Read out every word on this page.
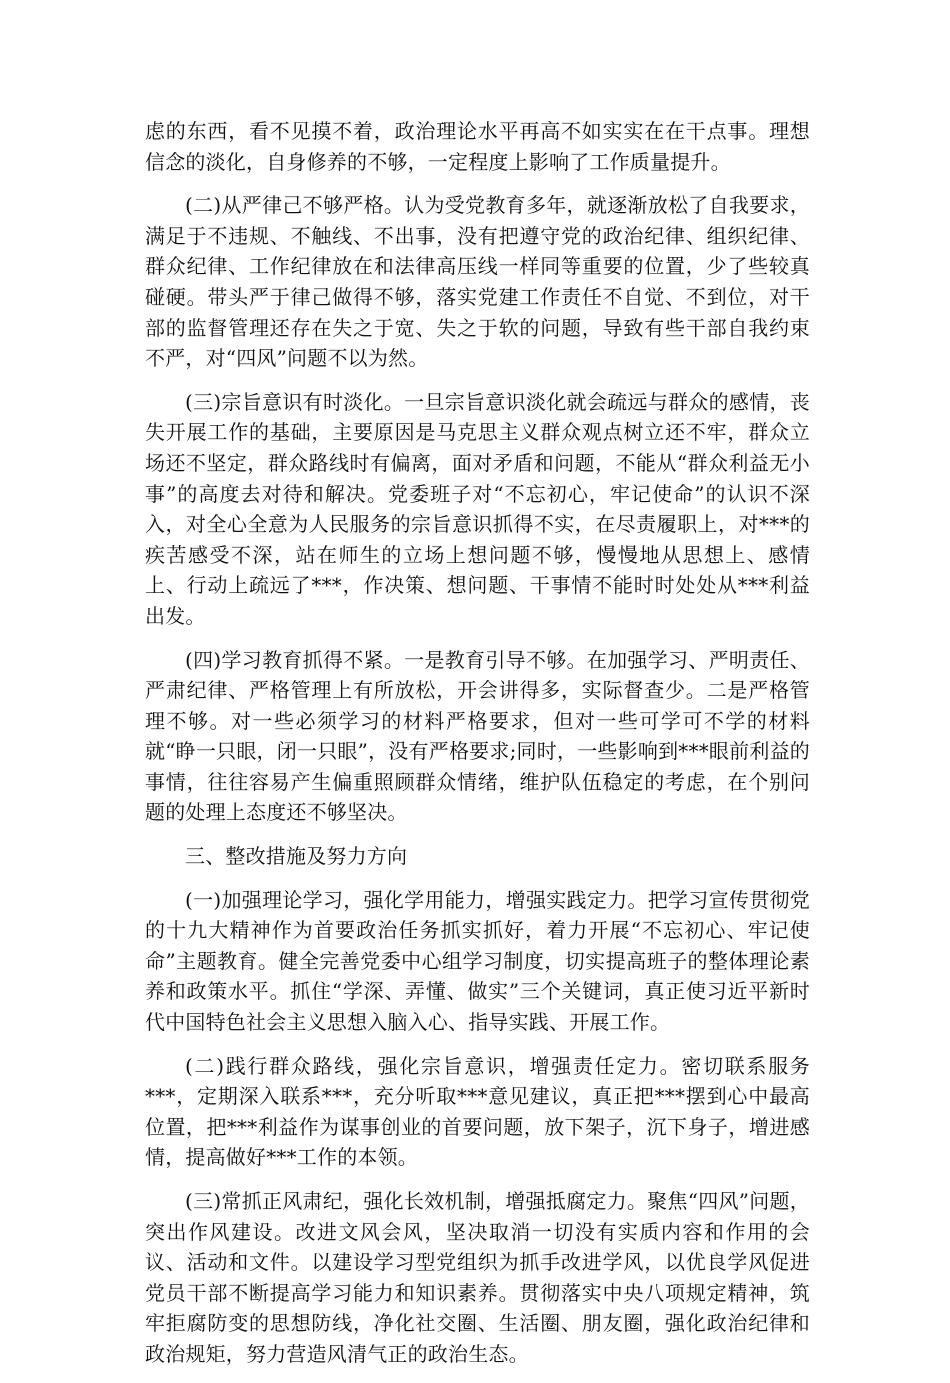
虑的东西，看不见摸不着，政治理论水平再高不如实实在在干点事。理想信念的淡化，自身修养的不够，一定程度上影响了工作质量提升。

(二)从严律己不够严格。认为受党教育多年，就逐渐放松了自我要求，满足于不违规、不触线、不出事，没有把遵守党的政治纪律、组织纪律、群众纪律、工作纪律放在和法律高压线一样同等重要的位置，少了些较真碰硬。带头严于律己做得不够，落实党建工作责任不自觉、不到位，对干部的监督管理还存在失之于宽、失之于软的问题，导致有些干部自我约束不严，对“四风”问题不以为然。

(三)宗旨意识有时淡化。一旦宗旨意识淡化就会疏远与群众的感情，丧失开展工作的基础，主要原因是马克思主义群众观点树立还不牢，群众立场还不坚定，群众路线时有偏离，面对矛盾和问题，不能从“群众利益无小事”的高度去对待和解决。党委班子对“不忘初心，牢记使命”的认识不深入，对全心全意为人民服务的宗旨意识抓得不实，在尽责履职上，对***的疾苦感受不深，站在师生的立场上想问题不够，慢慢地从思想上、感情上、行动上疏远了***，作决策、想问题、干事情不能时时处处从***利益出发。

(四)学习教育抓得不紧。一是教育引导不够。在加强学习、严明责任、严肃纪律、严格管理上有所放松，开会讲得多，实际督查少。二是严格管理不够。对一些必须学习的材料严格要求，但对一些可学可不学的材料就“睁一只眼，闭一只眼”，没有严格要求;同时，一些影响到***眼前利益的事情，往往容易产生偏重照顾群众情绪，维护队伍稳定的考虑，在个别问题的处理上态度还不够坚决。

三、整改措施及努力方向

(一)加强理论学习，强化学用能力，增强实践定力。把学习宣传贯彻党的十九大精神作为首要政治任务抓实抓好，着力开展“不忘初心、牢记使命”主题教育。健全完善党委中心组学习制度，切实提高班子的整体理论素养和政策水平。抓住“学深、弄懂、做实”三个关键词，真正使习近平新时代中国特色社会主义思想入脑入心、指导实践、开展工作。

(二)践行群众路线，强化宗旨意识，增强责任定力。密切联系服务***，定期深入联系***，充分听取***意见建议，真正把***摆到心中最高位置，把***利益作为谋事创业的首要问题，放下架子，沉下身子，增进感情，提高做好***工作的本领。

(三)常抓正风肃纪，强化长效机制，增强抵腐定力。聚焦“四风”问题，突出作风建设。改进文风会风，坚决取消一切没有实质内容和作用的会议、活动和文件。以建设学习型党组织为抓手改进学风，以优良学风促进党员干部不断提高学习能力和知识素养。贯彻落实中央八项规定精神，筑牢拒腐防变的思想防线，净化社交圈、生活圈、朋友圈，强化政治纪律和政治规矩，努力营造风清气正的政治生态。
